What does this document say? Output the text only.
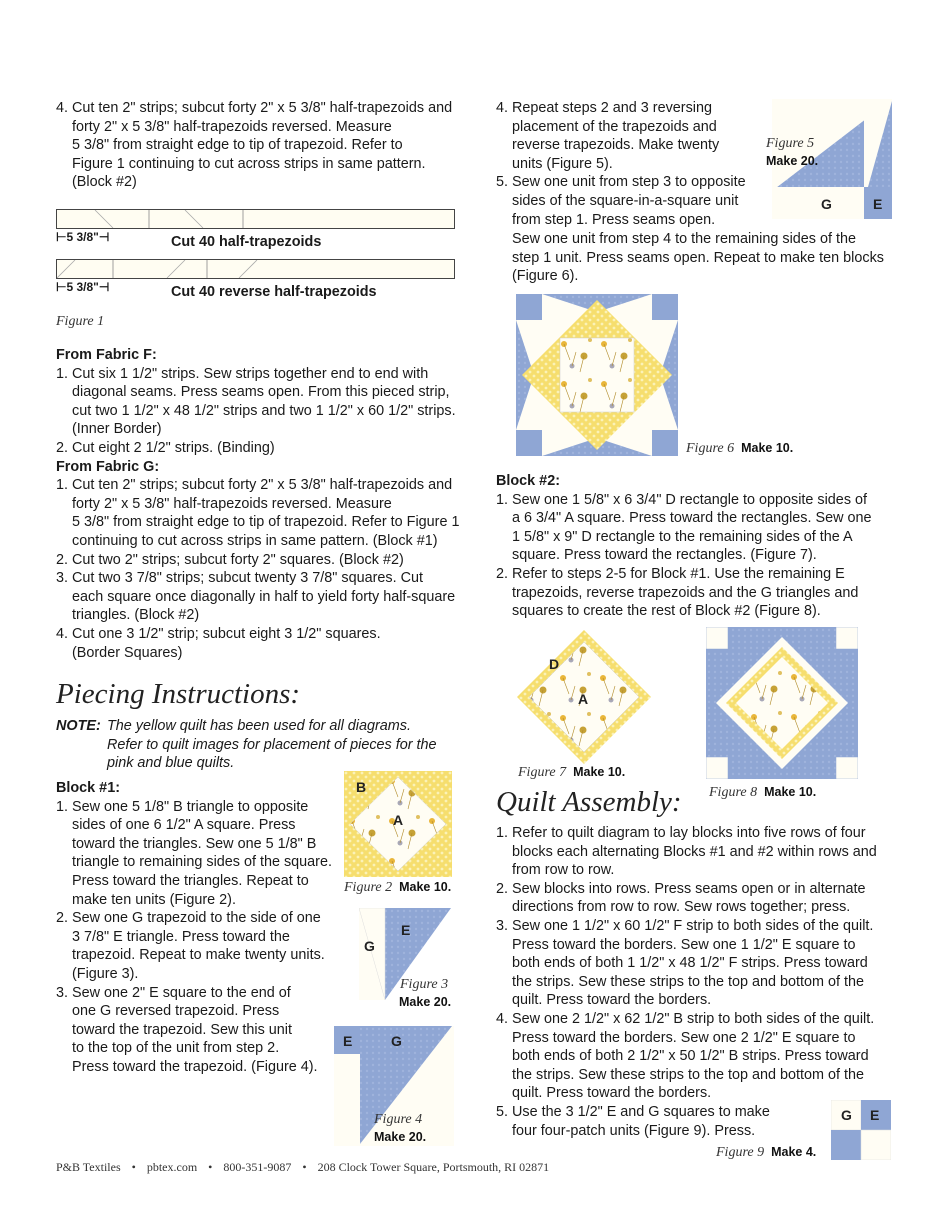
4. Cut ten 2" strips; subcut forty 2" x 5 3/8" half-trapezoids and
forty 2" x 5 3/8" half-trapezoids reversed. Measure
5 3/8" from straight edge to tip of trapezoid. Refer to
Figure 1 continuing to cut across strips in same pattern.
(Block #2)
⊢5 3/8"⊣	Cut 40 half-trapezoids
⊢5 3/8"⊣	Cut 40 reverse half-trapezoids
Figure 1
From Fabric F:
1. Cut six 1 1/2" strips. Sew strips together end to end with
diagonal seams. Press seams open. From this pieced strip,
cut two 1 1/2" x 48 1/2" strips and two 1 1/2" x 60 1/2" strips.
(Inner Border)
2. Cut eight 2 1/2" strips. (Binding)
From Fabric G:
1. Cut ten 2" strips; subcut forty 2" x 5 3/8" half-trapezoids and
forty 2" x 5 3/8" half-trapezoids reversed. Measure
5 3/8" from straight edge to tip of trapezoid. Refer to Figure 1
continuing to cut across strips in same pattern. (Block #1)
2. Cut two 2" strips; subcut forty 2" squares. (Block #2)
3. Cut two 3 7/8" strips; subcut twenty 3 7/8" squares. Cut
each square once diagonally in half to yield forty half-square
triangles. (Block #2)
4. Cut one 3 1/2" strip; subcut eight 3 1/2" squares.
(Border Squares)
Piecing Instructions:
NOTE: The yellow quilt has been used for all diagrams.
Refer to quilt images for placement of pieces for the
pink and blue quilts.
Block #1:
1. Sew one 5 1/8" B triangle to opposite
sides of one 6 1/2" A square. Press
toward the triangles. Sew one 5 1/8" B
triangle to remaining sides of the square.
Press toward the triangles. Repeat to
make ten units (Figure 2).
2. Sew one G trapezoid to the side of one
3 7/8" E triangle. Press toward the
trapezoid. Repeat to make twenty units.
(Figure 3).
3. Sew one 2" E square to the end of
one G reversed trapezoid. Press
toward the trapezoid. Sew this unit
to the top of the unit from step 2.
Press toward the trapezoid. (Figure 4).
B
A
Figure 2 Make 10.
E
G
Figure 3
Make 20.
E	G
Figure 4
Make 20.
4. Repeat steps 2 and 3 reversing
placement of the trapezoids and
reverse trapezoids. Make twenty
units (Figure 5).
5. Sew one unit from step 3 to opposite
sides of the square-in-a-square unit
from step 1. Press seams open.
Sew one unit from step 4 to the remaining sides of the
step 1 unit. Press seams open. Repeat to make ten blocks
(Figure 6).
G	E
Figure 5
Make 20.
Figure 6 Make 10.
Block #2:
1. Sew one 1 5/8" x 6 3/4" D rectangle to opposite sides of
a 6 3/4" A square. Press toward the rectangles. Sew one
1 5/8" x 9" D rectangle to the remaining sides of the A
square. Press toward the rectangles. (Figure 7).
2. Refer to steps 2-5 for Block #1. Use the remaining E
trapezoids, reverse trapezoids and the G triangles and
squares to create the rest of Block #2 (Figure 8).
D
A
Figure 7 Make 10.
Figure 8 Make 10.
Quilt Assembly:
1. Refer to quilt diagram to lay blocks into five rows of four
blocks each alternating Blocks #1 and #2 within rows and
from row to row.
2. Sew blocks into rows. Press seams open or in alternate
directions from row to row. Sew rows together; press.
3. Sew one 1 1/2" x 60 1/2" F strip to both sides of the quilt.
Press toward the borders. Sew one 1 1/2" E square to
both ends of both 1 1/2" x 48 1/2" F strips. Press toward
the strips. Sew these strips to the top and bottom of the
quilt. Press toward the borders.
4. Sew one 2 1/2" x 62 1/2" B strip to both sides of the quilt.
Press toward the borders. Sew one 2 1/2" E square to
both ends of both 2 1/2" x 50 1/2" B strips. Press toward
the strips. Sew these strips to the top and bottom of the
quilt. Press toward the borders.
5. Use the 3 1/2" E and G squares to make
four four-patch units (Figure 9). Press.
G E
Figure 9 Make 4.
P&B Textiles • pbtex.com • 800-351-9087 • 208 Clock Tower Square, Portsmouth, RI 02871
